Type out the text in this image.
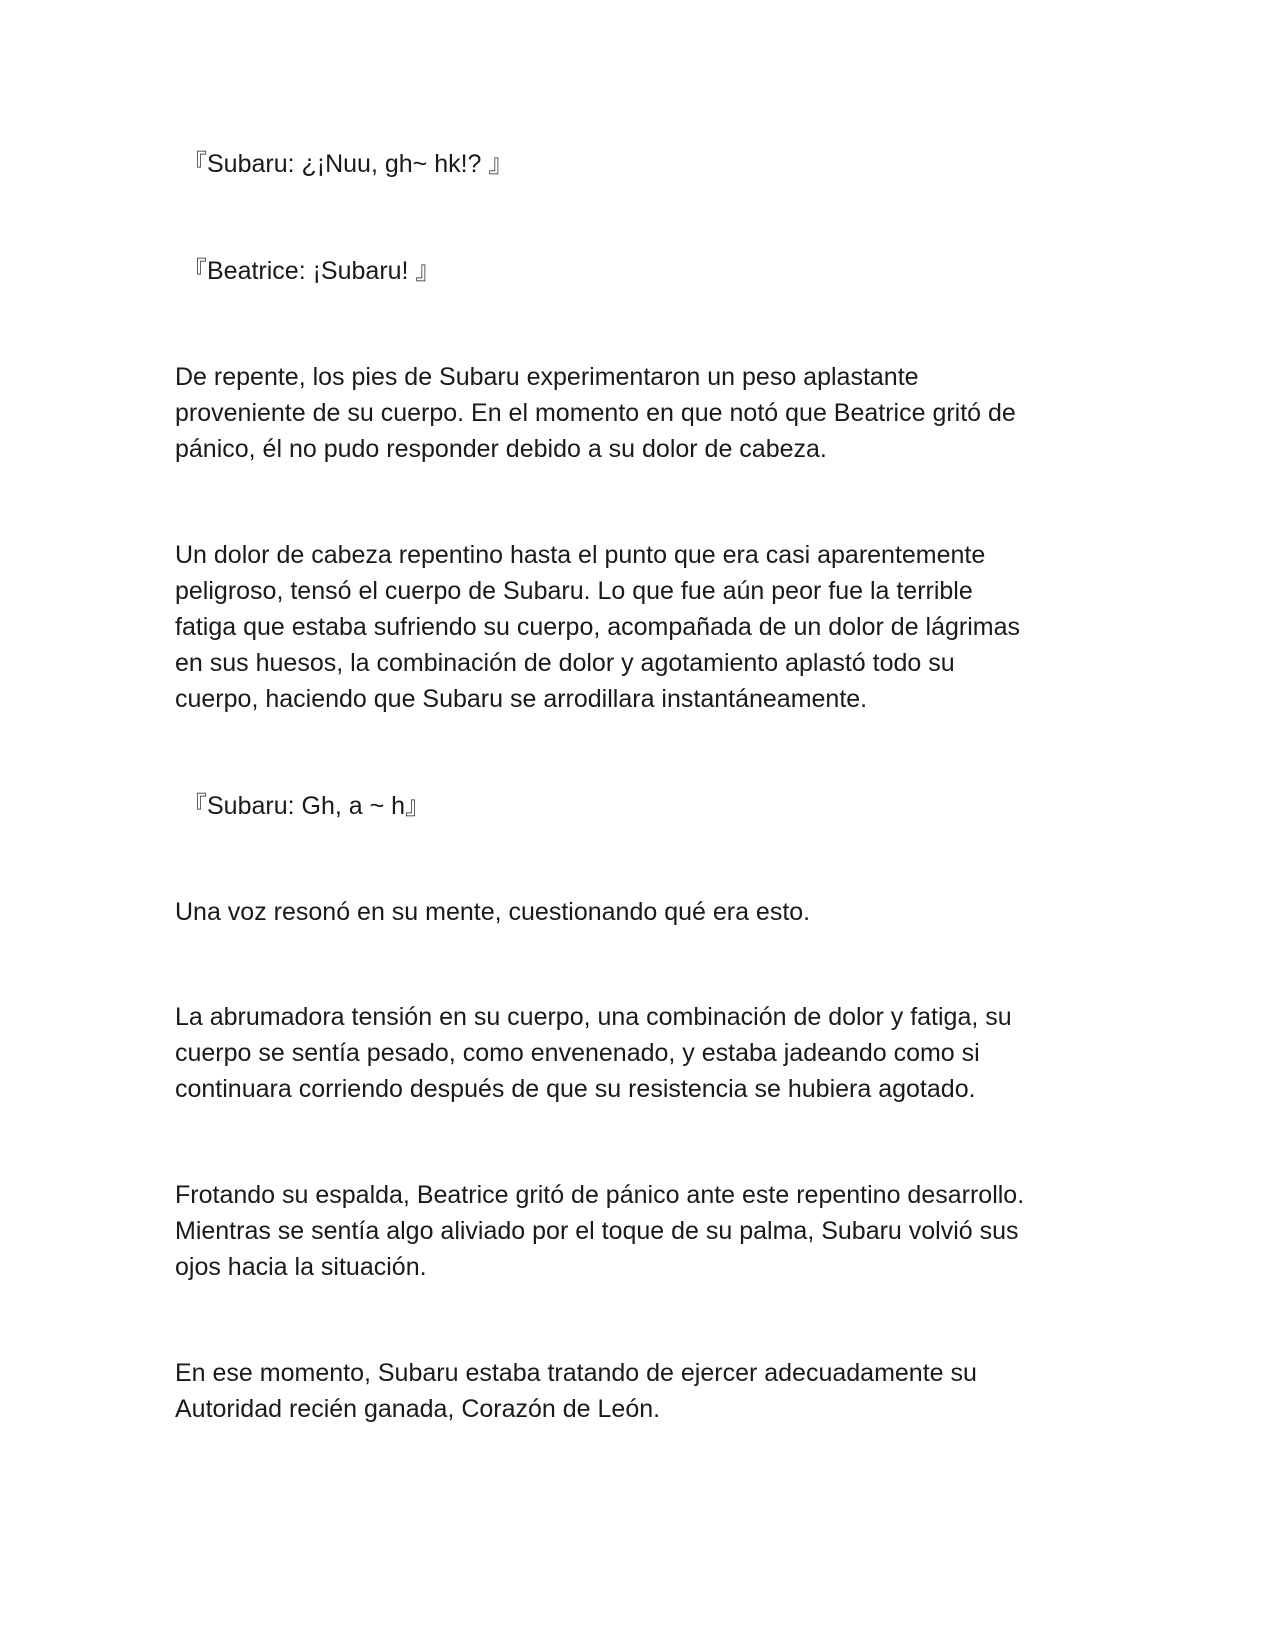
『Subaru: ¿¡Nuu, gh~ hk!? 』
『Beatrice: ¡Subaru! 』
De repente, los pies de Subaru experimentaron un peso aplastante
proveniente de su cuerpo. En el momento en que notó que Beatrice gritó de
pánico, él no pudo responder debido a su dolor de cabeza.
Un dolor de cabeza repentino hasta el punto que era casi aparentemente
peligroso, tensó el cuerpo de Subaru. Lo que fue aún peor fue la terrible
fatiga que estaba sufriendo su cuerpo, acompañada de un dolor de lágrimas
en sus huesos, la combinación de dolor y agotamiento aplastó todo su
cuerpo, haciendo que Subaru se arrodillara instantáneamente.
『Subaru: Gh, a ~ h』
Una voz resonó en su mente, cuestionando qué era esto.
La abrumadora tensión en su cuerpo, una combinación de dolor y fatiga, su
cuerpo se sentía pesado, como envenenado, y estaba jadeando como si
continuara corriendo después de que su resistencia se hubiera agotado.
Frotando su espalda, Beatrice gritó de pánico ante este repentino desarrollo.
Mientras se sentía algo aliviado por el toque de su palma, Subaru volvió sus
ojos hacia la situación.
En ese momento, Subaru estaba tratando de ejercer adecuadamente su
Autoridad recién ganada, Corazón de León.
